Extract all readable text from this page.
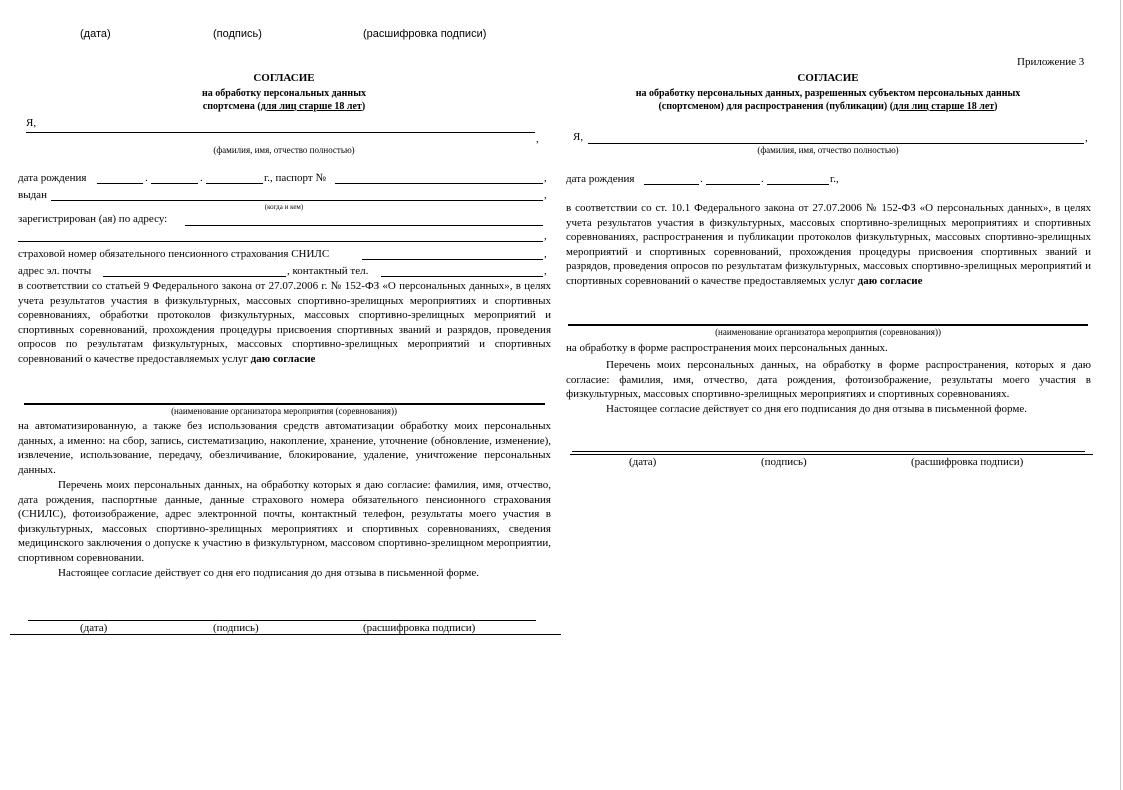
(дата)	(подпись)	(расшифровка подписи)
СОГЛАСИЕ
на обработку персональных данных
спортсмена (для лиц старше 18 лет)
Я,
,
(фамилия, имя, отчество полностью)
дата рождения	.	.	г., паспорт №	,
выдан	,
(когда и кем)
зарегистрирован (ая) по адресу:
,
страховой номер обязательного пенсионного страхования СНИЛС	,
адрес эл. почты	, контактный тел.	,
в соответствии со статьей 9 Федерального закона от 27.07.2006 г. № 152-ФЗ «О персональных данных», в целях учета результатов участия в физкультурных, массовых спортивно-зрелищных мероприятиях и спортивных соревнованиях, обработки протоколов физкультурных, массовых спортивно-зрелищных мероприятий и спортивных соревнований, прохождения процедуры присвоения спортивных званий и разрядов, проведения опросов по результатам физкультурных, массовых спортивно-зрелищных мероприятий и спортивных соревнований о качестве предоставляемых услуг даю согласие
(наименование организатора мероприятия (соревнования))
на автоматизированную, а также без использования средств автоматизации обработку моих персональных данных, а именно: на сбор, запись, систематизацию, накопление, хранение, уточнение (обновление, изменение), извлечение, использование, передачу, обезличивание, блокирование, удаление, уничтожение персональных данных.
Перечень моих персональных данных, на обработку которых я даю согласие: фамилия, имя, отчество, дата рождения, паспортные данные, данные страхового номера обязательного пенсионного страхования (СНИЛС), фотоизображение, адрес электронной почты, контактный телефон, результаты моего участия в физкультурных, массовых спортивно-зрелищных мероприятиях и спортивных соревнованиях, сведения медицинского заключения о допуске к участию в физкультурном, массовом спортивно-зрелищном мероприятии, спортивном соревновании.
Настоящее согласие действует со дня его подписания до дня отзыва в письменной форме.
(дата)	(подпись)	(расшифровка подписи)
Приложение 3
СОГЛАСИЕ
на обработку персональных данных, разрешенных субъектом персональных данных
(спортсменом) для распространения (публикации) (для лиц старше 18 лет)
Я,	,
(фамилия, имя, отчество полностью)
дата рождения	.	.	г.,
в соответствии со ст. 10.1 Федерального закона от 27.07.2006 № 152-ФЗ «О персональных данных», в целях учета результатов участия в физкультурных, массовых спортивно-зрелищных мероприятиях и спортивных соревнованиях, распространения и публикации протоколов физкультурных, массовых спортивно-зрелищных мероприятий и спортивных соревнований, прохождения процедуры присвоения спортивных званий и разрядов, проведения опросов по результатам физкультурных, массовых спортивно-зрелищных мероприятий и спортивных соревнований о качестве предоставляемых услуг даю согласие
(наименование организатора мероприятия (соревнования))
на обработку в форме распространения моих персональных данных.
Перечень моих персональных данных, на обработку в форме распространения, которых я даю согласие: фамилия, имя, отчество, дата рождения, фотоизображение, результаты моего участия в физкультурных, массовых спортивно-зрелищных мероприятиях и спортивных соревнованиях.
Настоящее согласие действует со дня его подписания до дня отзыва в письменной форме.
(дата)	(подпись)	(расшифровка подписи)
